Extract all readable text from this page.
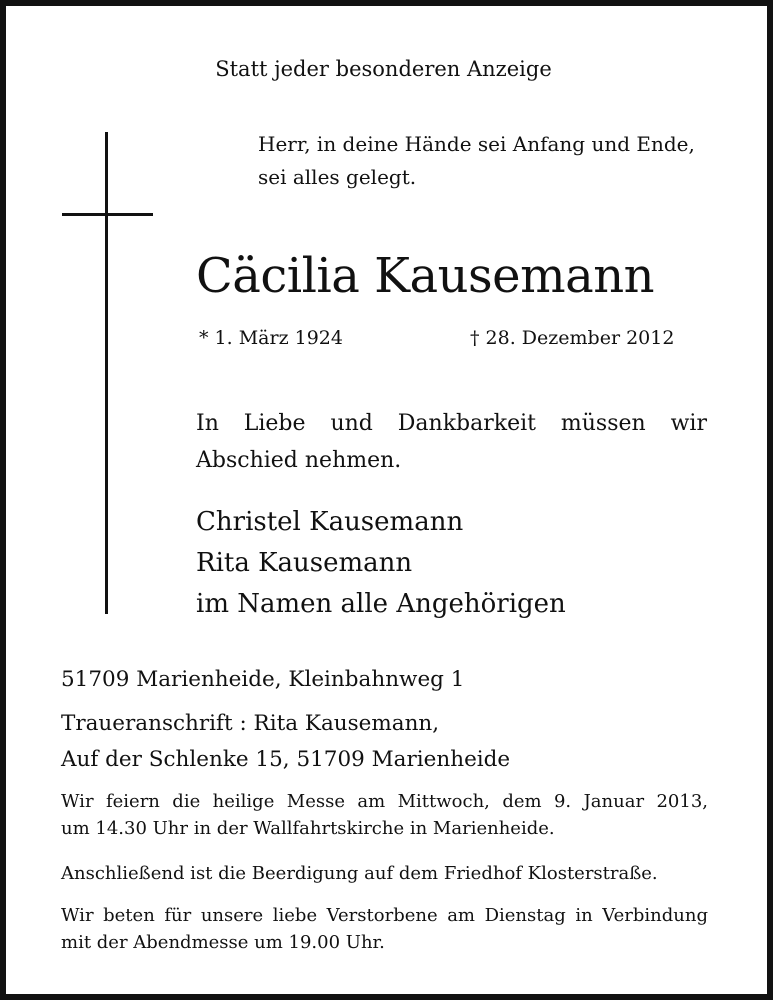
Statt jeder besonderen Anzeige
Herr, in deine Hände sei Anfang und Ende,
sei alles gelegt.
Cäcilia Kausemann
* 1. März 1924	† 28. Dezember 2012
In Liebe und Dankbarkeit müssen wir
Abschied nehmen.
Christel Kausemann
Rita Kausemann
im Namen alle Angehörigen
51709 Marienheide, Kleinbahnweg 1
Traueranschrift : Rita Kausemann,
Auf der Schlenke 15, 51709 Marienheide
Wir feiern die heilige Messe am Mittwoch, dem 9. Januar 2013,
um 14.30 Uhr in der Wallfahrtskirche in Marienheide.
Anschließend ist die Beerdigung auf dem Friedhof Klosterstraße.
Wir beten für unsere liebe Verstorbene am Dienstag in Verbindung
mit der Abendmesse um 19.00 Uhr.
